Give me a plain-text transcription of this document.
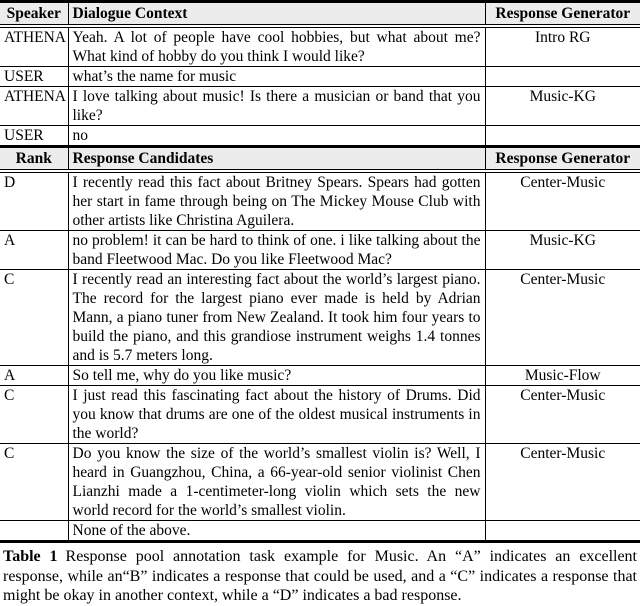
Speaker	Dialogue Context	Response Generator
ATHENA	Yeah. A lot of people have cool hobbies, but what about me? What kind of hobby do you think I would like?	Intro RG
USER	what’s the name for music	
ATHENA	I love talking about music! Is there a musician or band that you like?	Music-KG
USER	no	
Rank	Response Candidates	Response Generator
D	I recently read this fact about Britney Spears. Spears had gotten her start in fame through being on The Mickey Mouse Club with other artists like Christina Aguilera.	Center-Music
A	no problem! it can be hard to think of one. i like talking about the band Fleetwood Mac. Do you like Fleetwood Mac?	Music-KG
C	I recently read an interesting fact about the world’s largest piano. The record for the largest piano ever made is held by Adrian Mann, a piano tuner from New Zealand. It took him four years to build the piano, and this grandiose instrument weighs 1.4 tonnes and is 5.7 meters long.	Center-Music
A	So tell me, why do you like music?	Music-Flow
C	I just read this fascinating fact about the history of Drums. Did you know that drums are one of the oldest musical instruments in the world?	Center-Music
C	Do you know the size of the world’s smallest violin is? Well, I heard in Guangzhou, China, a 66-year-old senior violinist Chen Lianzhi made a 1-centimeter-long violin which sets the new world record for the world’s smallest violin.	Center-Music
	None of the above.	
Table 1 Response pool annotation task example for Music. An “A” indicates an excellent response, while an“B” indicates a response that could be used, and a “C” indicates a response that might be okay in another context, while a “D” indicates a bad response.
